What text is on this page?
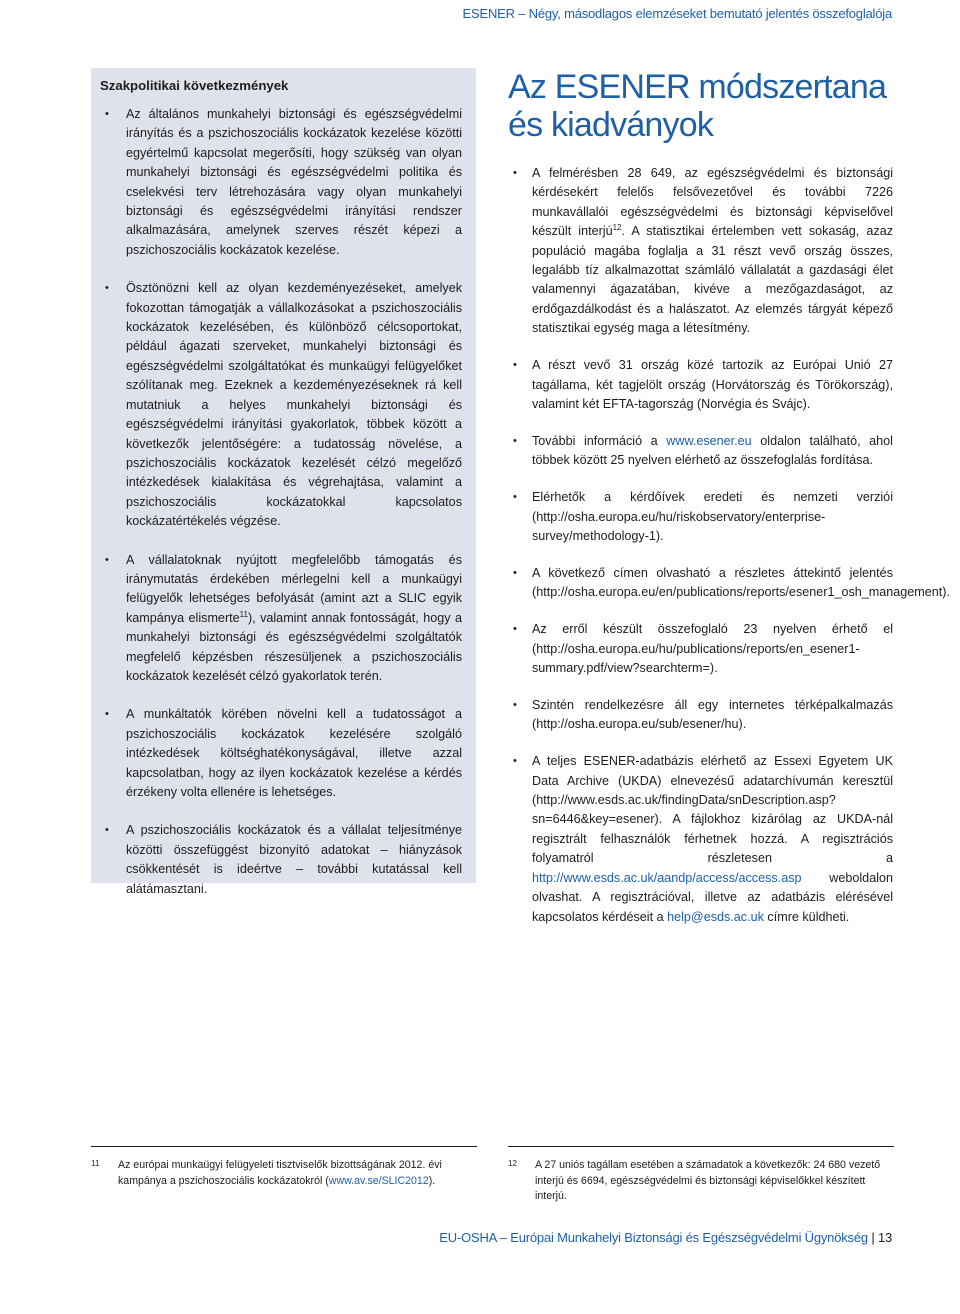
ESENER – Négy, másodlagos elemzéseket bemutató jelentés összefoglalója
Szakpolitikai következmények
• Az általános munkahelyi biztonsági és egészségvédelmi irányítás és a pszichoszociális kockázatok kezelése közötti egyértelmű kapcsolat megerősíti, hogy szükség van olyan munkahelyi biztonsági és egészségvédelmi politika és cselekvési terv létrehozására vagy olyan munkahelyi biztonsági és egészségvédelmi irányítási rendszer alkalmazására, amelynek szerves részét képezi a pszichoszociális kockázatok kezelése.
• Ösztönözni kell az olyan kezdeményezéseket, amelyek fokozottan támogatják a vállalkozásokat a pszichoszociális kockázatok kezelésében, és különböző célcsoportokat, például ágazati szerveket, munkahelyi biztonsági és egészségvédelmi szolgáltatókat és munkaügyi felügyelőket szólítanak meg. Ezeknek a kezdeményezéseknek rá kell mutatniuk a helyes munkahelyi biztonsági és egészségvédelmi irányítási gyakorlatok, többek között a következők jelentőségére: a tudatosság növelése, a pszichoszociális kockázatok kezelését célzó megelőző intézkedések kialakítása és végrehajtása, valamint a pszichoszociális kockázatokkal kapcsolatos kockázatértékelés végzése.
• A vállalatoknak nyújtott megfelelőbb támogatás és iránymutatás érdekében mérlegelni kell a munkaügyi felügyelők lehetséges befolyását (amint azt a SLIC egyik kampánya elismerte$^{11}$), valamint annak fontosságát, hogy a munkahelyi biztonsági és egészségvédelmi szolgáltatók megfelelő képzésben részesüljenek a pszichoszociális kockázatok kezelését célzó gyakorlatok terén.
• A munkáltatók körében növelni kell a tudatosságot a pszichoszociális kockázatok kezelésére szolgáló intézkedések költséghatékonyságával, illetve azzal kapcsolatban, hogy az ilyen kockázatok kezelése a kérdés érzékeny volta ellenére is lehetséges.
• A pszichoszociális kockázatok és a vállalat teljesítménye közötti összefüggést bizonyító adatokat – hiányzások csökkentését is ideértve – további kutatással kell alátámasztani.
Az ESENER módszertana
és kiadványok
• A felmérésben 28 649, az egészségvédelmi és biztonsági kérdésekért felelős felsővezetővel és további 7226 munkavállalói egészségvédelmi és biztonsági képviselővel készült interjú$^{12}$. A statisztikai értelemben vett sokaság, azaz populáció magába foglalja a 31 részt vevő ország összes, legalább tíz alkalmazottat számláló vállalatát a gazdasági élet valamennyi ágazatában, kivéve a mezőgazdaságot, az erdőgazdálkodást és a halászatot. Az elemzés tárgyát képező statisztikai egység maga a létesítmény.
• A részt vevő 31 ország közé tartozik az Európai Unió 27 tagállama, két tagjelölt ország (Horvátország és Törökország), valamint két EFTA-tagország (Norvégia és Svájc).
• További információ a www.esener.eu oldalon található, ahol többek között 25 nyelven elérhető az összefoglalás fordítása.
• Elérhetők a kérdőívek eredeti és nemzeti verziói (http://osha.europa.eu/hu/riskobservatory/enterprise-survey/methodology-1).
• A következő címen olvasható a részletes áttekintő jelentés (http://osha.europa.eu/en/publications/reports/esener1_osh_management).
• Az erről készült összefoglaló 23 nyelven érhető el (http://osha.europa.eu/hu/publications/reports/en_esener1-summary.pdf/view?searchterm=).
• Szintén rendelkezésre áll egy internetes térképalkalmazás (http://osha.europa.eu/sub/esener/hu).
• A teljes ESENER-adatbázis elérhető az Essexi Egyetem UK Data Archive (UKDA) elnevezésű adatarchívumán keresztül (http://www.esds.ac.uk/findingData/snDescription.asp?sn=6446&key=esener). A fájlokhoz kizárólag az UKDA-nál regisztrált felhasználók férhetnek hozzá. A regisztrációs folyamatról részletesen a http://www.esds.ac.uk/aandp/access/access.asp weboldalon olvashat. A regisztrációval, illetve az adatbázis elérésével kapcsolatos kérdéseit a help@esds.ac.uk címre küldheti.
11 Az európai munkaügyi felügyeleti tisztviselők bizottságának 2012. évi kampánya a pszichoszociális kockázatokról (www.av.se/SLIC2012).
12 A 27 uniós tagállam esetében a számadatok a következők: 24 680 vezető interjú és 6694, egészségvédelmi és biztonsági képviselőkkel készített interjú.
EU-OSHA – Európai Munkahelyi Biztonsági és Egészségvédelmi Ügynökség | 13
